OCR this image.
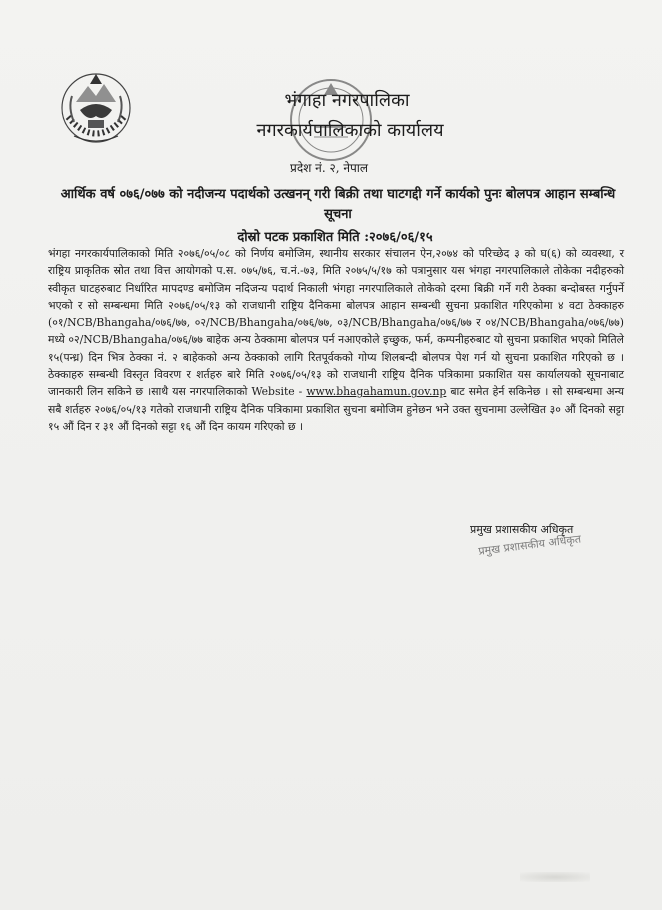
भंगाहा नगरपालिका
नगरकार्यपालिकाको कार्यालय
प्रदेश नं. २, नेपाल
आर्थिक वर्ष ०७६/०७७ को नदीजन्य पदार्थको उत्खनन् गरी बिक्री तथा घाटगद्दी गर्ने कार्यको पुनः बोलपत्र आहान सम्बन्धि सूचना
दोस्रो पटक प्रकाशित मिति :२०७६/०६/१५
भंगहा नगरकार्यपालिकाको मिति २०७६/०५/०८ को निर्णय बमोजिम, स्थानीय सरकार संचालन ऐन,२०७४ को परिच्छेद ३ को घ(६) को व्यवस्था, र राष्ट्रिय प्राकृतिक स्रोत तथा वित्त आयोगको प.स. ०७५/७६, च.नं.-७३, मिति २०७५/५/१७ को पत्रानुसार यस भंगहा नगरपालिकाले तोकेका नदीहरुको स्वीकृत घाटहरुबाट निर्धारित मापदण्ड बमोजिम नदिजन्य पदार्थ निकाली भंगहा नगरपालिकाले तोकेको दरमा बिक्री गर्ने गरी ठेक्का बन्दोबस्त गर्नुपर्ने भएको र सो सम्बन्धमा मिति २०७६/०५/१३ को राजधानी राष्ट्रिय दैनिकमा बोलपत्र आहान सम्बन्धी सुचना प्रकाशित गरिएकोमा ४ वटा ठेक्काहरु (०१/NCB/Bhangaha/०७६/७७, ०२/NCB/Bhangaha/०७६/७७, ०३/NCB/Bhangaha/०७६/७७ र ०४/NCB/Bhangaha/०७६/७७) मध्ये ०२/NCB/Bhangaha/०७६/७७ बाहेक अन्य ठेक्कामा बोलपत्र पर्न नआएकोले इच्छुक, फर्म, कम्पनीहरुबाट यो सुचना प्रकाशित भएको मितिले १५(पन्ध्र) दिन भित्र ठेक्का नं. २ बाहेकको अन्य ठेक्काको लागि रितपूर्वकको गोप्य शिलबन्दी बोलपत्र पेश गर्न यो सुचना प्रकाशित गरिएको छ ।ठेक्काहरु सम्बन्धी विस्तृत विवरण र शर्तहरु बारे मिति २०७६/०५/१३ को राजधानी राष्ट्रिय दैनिक पत्रिकामा प्रकाशित यस कार्यालयको सूचनाबाट जानकारी लिन सकिने छ ।साथै यस नगरपालिकाको Website - www.bhagahamun.gov.np बाट समेत हेर्न सकिनेछ । सो सम्बन्धमा अन्य सबै शर्तहरु २०७६/०५/१३ गतेको राजधानी राष्ट्रिय दैनिक पत्रिकामा प्रकाशित सुचना बमोजिम हुनेछन भने उक्त सुचनामा उल्लेखित ३० औं दिनको सट्टा १५ औं दिन र ३१ औं दिनको सट्टा १६ औं दिन कायम गरिएको छ ।
प्रमुख प्रशासकीय अधिकृत
प्रमुख प्रशासकीय अधिकृत
